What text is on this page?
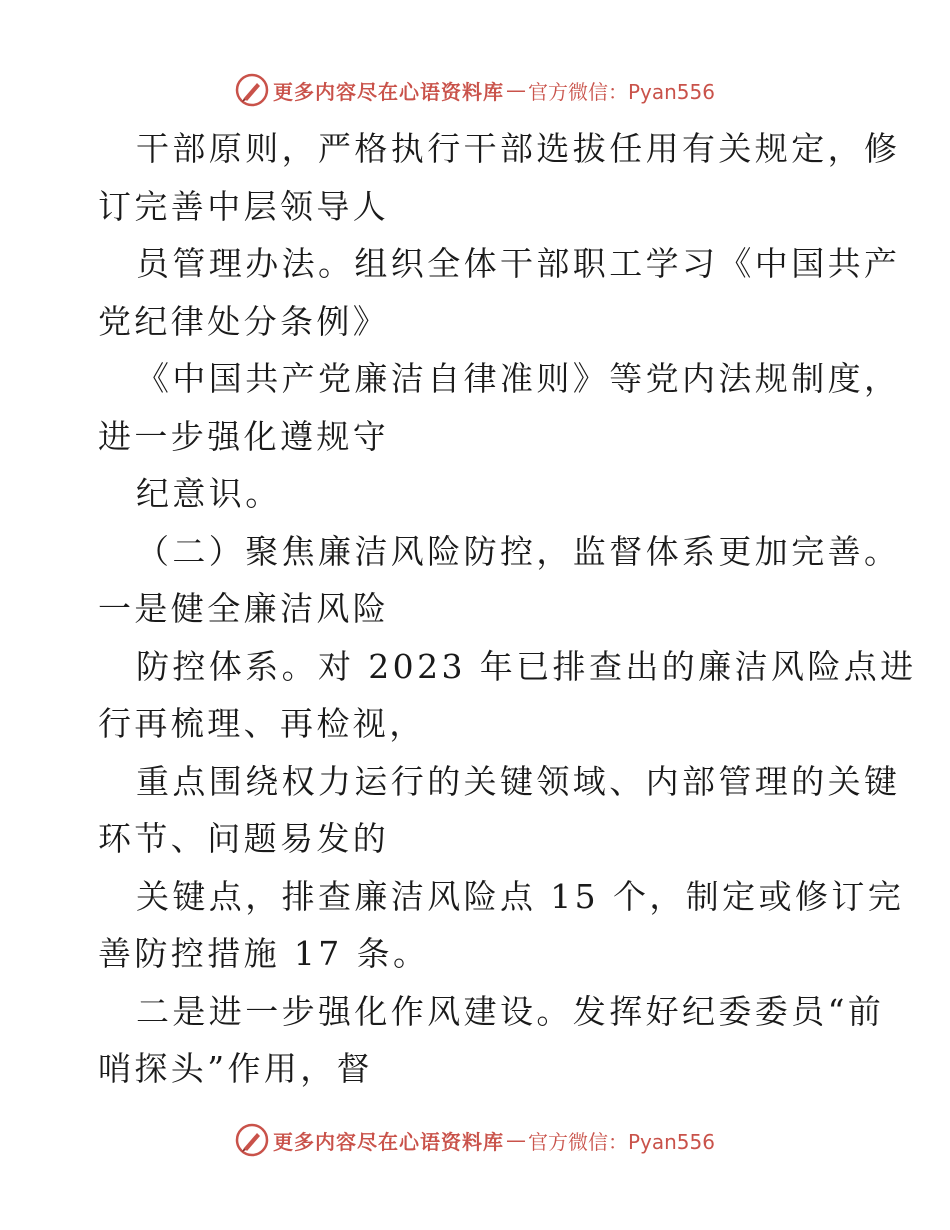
更多内容尽在心语资料库 — 官方微信：Pyan556
干部原则，严格执行干部选拔任用有关规定，修
订完善中层领导人
员管理办法。组织全体干部职工学习《中国共产
党纪律处分条例》
《中国共产党廉洁自律准则》等党内法规制度，
进一步强化遵规守
纪意识。
（二）聚焦廉洁风险防控，监督体系更加完善。
一是健全廉洁风险
防控体系。对 2023 年已排查出的廉洁风险点进
行再梳理、再检视，
重点围绕权力运行的关键领域、内部管理的关键
环节、问题易发的
关键点，排查廉洁风险点 15 个，制定或修订完
善防控措施 17 条。
二是进一步强化作风建设。发挥好纪委委员“前
哨探头”作用，督
更多内容尽在心语资料库 — 官方微信：Pyan556
